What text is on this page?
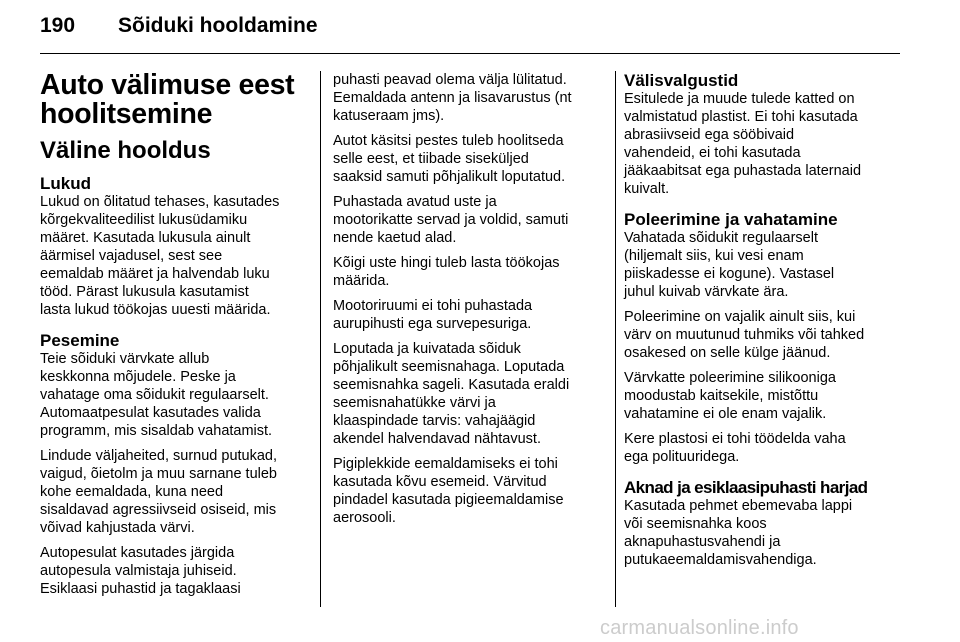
190	Sõiduki hooldamine
Auto välimuse eest
hoolitsemine
Väline hooldus
Lukud

Lukud on õlitatud tehases, kasutades
kõrgekvaliteedilist lukusüdamiku
määret. Kasutada lukusula ainult
äärmisel vajadusel, sest see
eemaldab määret ja halvendab luku
tööd. Pärast lukusula kasutamist
lasta lukud töökojas uuesti määrida.

Pesemine

Teie sõiduki värvkate allub
keskkonna mõjudele. Peske ja
vahatage oma sõidukit regulaarselt.
Automaatpesulat kasutades valida
programm, mis sisaldab vahatamist.

Lindude väljaheited, surnud putukad,
vaigud, õietolm ja muu sarnane tuleb
kohe eemaldada, kuna need
sisaldavad agressiivseid osiseid, mis
võivad kahjustada värvi.

Autopesulat kasutades järgida
autopesula valmistaja juhiseid.
Esiklaasi puhastid ja tagaklaasi

puhasti peavad olema välja lülitatud.
Eemaldada antenn ja lisavarustus (nt
katuseraam jms).

Autot käsitsi pestes tuleb hoolitseda
selle eest, et tiibade siseküljed
saaksid samuti põhjalikult loputatud.

Puhastada avatud uste ja
mootorikatte servad ja voldid, samuti
nende kaetud alad.

Kõigi uste hingi tuleb lasta töökojas
määrida.

Mootoriruumi ei tohi puhastada
aurupihusti ega survepesuriga.

Loputada ja kuivatada sõiduk
põhjalikult seemisnahaga. Loputada
seemisnahka sageli. Kasutada eraldi
seemisnahatükke värvi ja
klaaspindade tarvis: vahajäägid
akendel halvendavad nähtavust.

Pigiplekkide eemaldamiseks ei tohi
kasutada kõvu esemeid. Värvitud
pindadel kasutada pigieemaldamise
aerosooli.

Välisvalgustid

Esitulede ja muude tulede katted on
valmistatud plastist. Ei tohi kasutada
abrasiivseid ega sööbivaid
vahendeid, ei tohi kasutada
jääkaabitsat ega puhastada laternaid
kuivalt.

Poleerimine ja vahatamine

Vahatada sõidukit regulaarselt
(hiljemalt siis, kui vesi enam
piiskadesse ei kogune). Vastasel
juhul kuivab värvkate ära.

Poleerimine on vajalik ainult siis, kui
värv on muutunud tuhmiks või tahked
osakesed on selle külge jäänud.

Värvkatte poleerimine silikooniga
moodustab kaitsekile, mistõttu
vahatamine ei ole enam vajalik.

Kere plastosi ei tohi töödelda vaha
ega polituuridega.

Aknad ja esiklaasipuhasti harjad

Kasutada pehmet ebemevaba lappi
või seemisnahka koos
aknapuhastusvahendi ja
putukaeemaldamisvahendiga.

carmanualsonline.info
